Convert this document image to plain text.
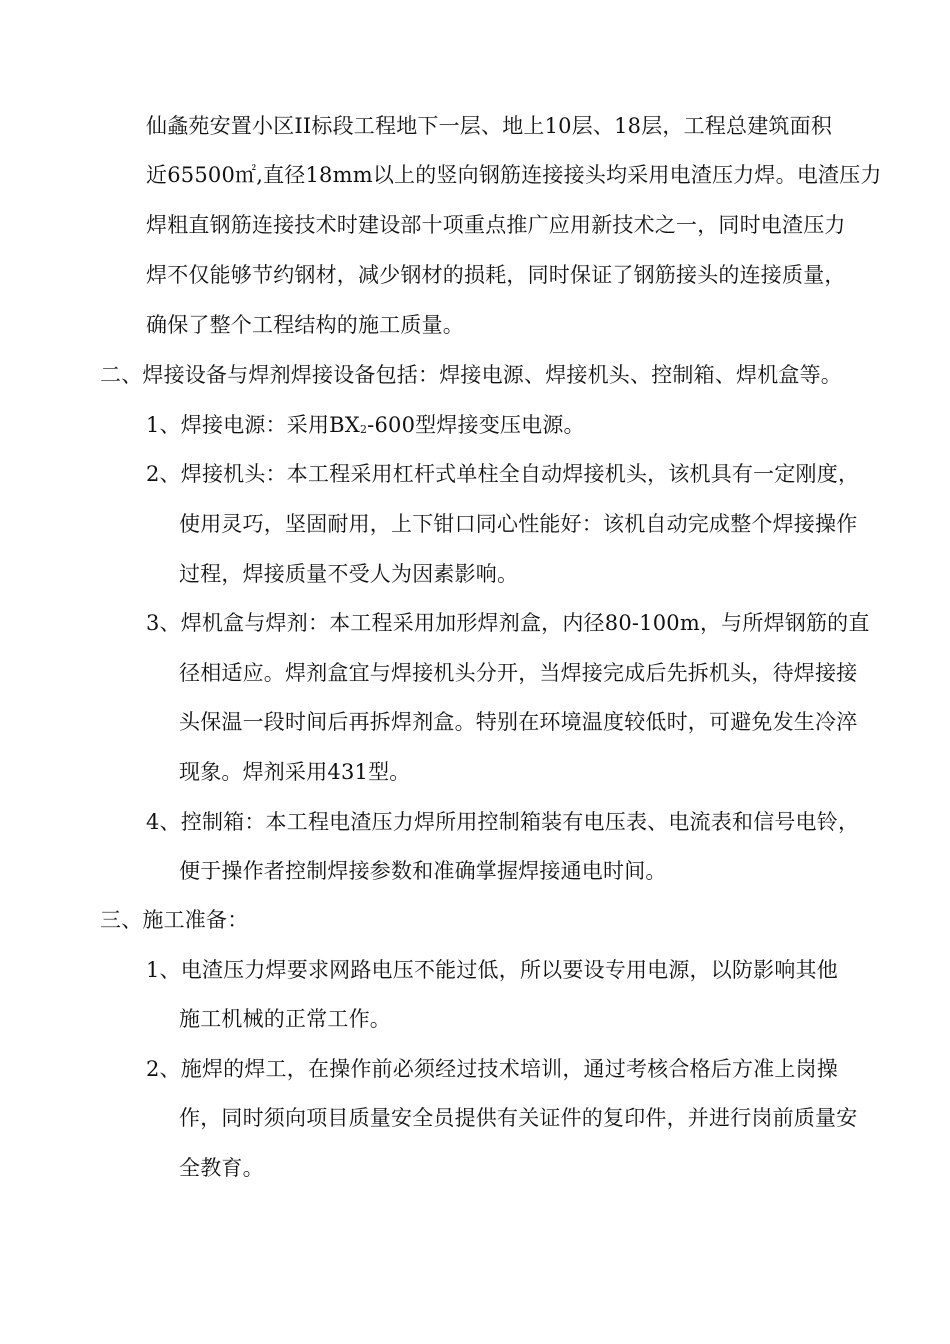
仙螽苑安置小区II标段工程地下一层、地上10层、18层，工程总建筑面积
近65500㎡,直径18mm以上的竖向钢筋连接接头均采用电渣压力焊。电渣压力
焊粗直钢筋连接技术时建设部十项重点推广应用新技术之一，同时电渣压力
焊不仅能够节约钢材，减少钢材的损耗，同时保证了钢筋接头的连接质量，
确保了整个工程结构的施工质量。
二、焊接设备与焊剂焊接设备包括：焊接电源、焊接机头、控制箱、焊机盒等。
1、焊接电源：采用$BX_2-600$型焊接变压电源。
2、焊接机头：本工程采用杠杆式单柱全自动焊接机头，该机具有一定刚度，
使用灵巧，坚固耐用，上下钳口同心性能好：该机自动完成整个焊接操作
过程，焊接质量不受人为因素影响。
3、焊机盒与焊剂：本工程采用加形焊剂盒，内径80-100m，与所焊钢筋的直
径相适应。焊剂盒宜与焊接机头分开，当焊接完成后先拆机头，待焊接接
头保温一段时间后再拆焊剂盒。特别在环境温度较低时，可避免发生冷淬
现象。焊剂采用431型。
4、控制箱：本工程电渣压力焊所用控制箱装有电压表、电流表和信号电铃，
便于操作者控制焊接参数和准确掌握焊接通电时间。
三、施工准备：
1、电渣压力焊要求网路电压不能过低，所以要设专用电源，以防影响其他
施工机械的正常工作。
2、施焊的焊工，在操作前必须经过技术培训，通过考核合格后方准上岗操
作，同时须向项目质量安全员提供有关证件的复印件，并进行岗前质量安
全教育。
